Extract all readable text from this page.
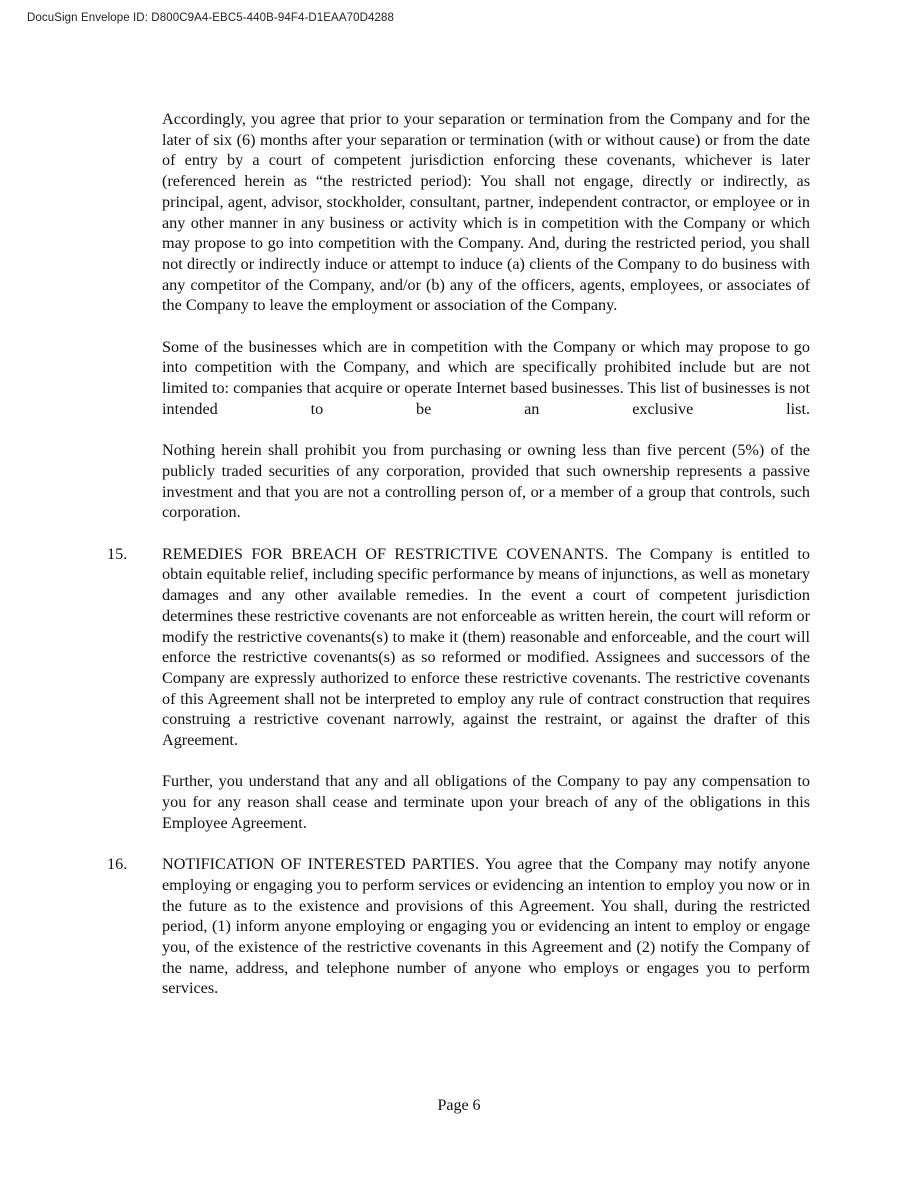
DocuSign Envelope ID: D800C9A4-EBC5-440B-94F4-D1EAA70D4288

Accordingly, you agree that prior to your separation or termination from the Company and for the later of six (6) months after your separation or termination (with or without cause) or from the date of entry by a court of competent jurisdiction enforcing these covenants, whichever is later (referenced herein as “the restricted period): You shall not engage, directly or indirectly, as principal, agent, advisor, stockholder, consultant, partner, independent contractor, or employee or in any other manner in any business or activity which is in competition with the Company or which may propose to go into competition with the Company. And, during the restricted period, you shall not directly or indirectly induce or attempt to induce (a) clients of the Company to do business with any competitor of the Company, and/or (b) any of the officers, agents, employees, or associates of the Company to leave the employment or association of the Company.

Some of the businesses which are in competition with the Company or which may propose to go into competition with the Company, and which are specifically prohibited include but are not limited to: companies that acquire or operate Internet based businesses. This list of businesses is not intended to be an exclusive list.

Nothing herein shall prohibit you from purchasing or owning less than five percent (5%) of the publicly traded securities of any corporation, provided that such ownership represents a passive investment and that you are not a controlling person of, or a member of a group that controls, such corporation.

15. REMEDIES FOR BREACH OF RESTRICTIVE COVENANTS. The Company is entitled to obtain equitable relief, including specific performance by means of injunctions, as well as monetary damages and any other available remedies. In the event a court of competent jurisdiction determines these restrictive covenants are not enforceable as written herein, the court will reform or modify the restrictive covenants(s) to make it (them) reasonable and enforceable, and the court will enforce the restrictive covenants(s) as so reformed or modified. Assignees and successors of the Company are expressly authorized to enforce these restrictive covenants. The restrictive covenants of this Agreement shall not be interpreted to employ any rule of contract construction that requires construing a restrictive covenant narrowly, against the restraint, or against the drafter of this Agreement.

Further, you understand that any and all obligations of the Company to pay any compensation to you for any reason shall cease and terminate upon your breach of any of the obligations in this Employee Agreement.

16. NOTIFICATION OF INTERESTED PARTIES. You agree that the Company may notify anyone employing or engaging you to perform services or evidencing an intention to employ you now or in the future as to the existence and provisions of this Agreement. You shall, during the restricted period, (1) inform anyone employing or engaging you or evidencing an intent to employ or engage you, of the existence of the restrictive covenants in this Agreement and (2) notify the Company of the name, address, and telephone number of anyone who employs or engages you to perform services.

Page 6
